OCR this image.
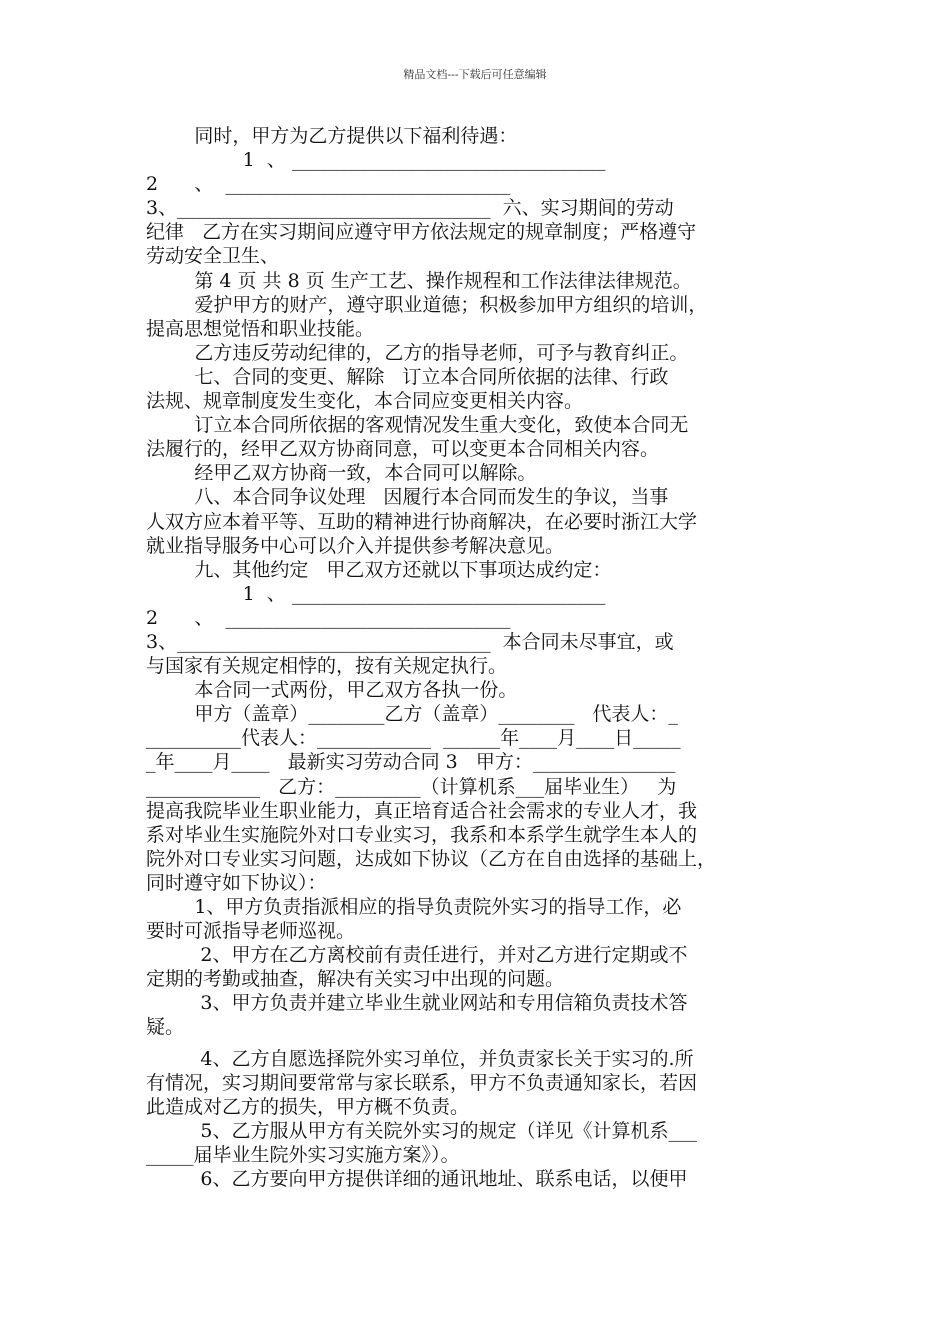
精品文档---下载后可任意编辑
同时，甲方为乙方提供以下福利待遇：
1  、 _________________________________
2      、  ______________________________
3、_________________________________  六、实习期间的劳动
纪律   乙方在实习期间应遵守甲方依法规定的规章制度；严格遵守
劳动安全卫生、
第 4 页 共 8 页 生产工艺、操作规程和工作法律法律规范。
爱护甲方的财产，遵守职业道德；积极参加甲方组织的培训，
提高思想觉悟和职业技能。
乙方违反劳动纪律的，乙方的指导老师，可予与教育纠正。
七、合同的变更、解除   订立本合同所依据的法律、行政
法规、规章制度发生变化，本合同应变更相关内容。
订立本合同所依据的客观情况发生重大变化，致使本合同无
法履行的，经甲乙双方协商同意，可以变更本合同相关内容。
经甲乙双方协商一致，本合同可以解除。
八、本合同争议处理   因履行本合同而发生的争议，当事
人双方应本着平等、互助的精神进行协商解决，在必要时浙江大学
就业指导服务中心可以介入并提供参考解决意见。
九、其他约定   甲乙双方还就以下事项达成约定：
1  、 _________________________________
2      、  ______________________________
3、_________________________________  本合同未尽事宜，或
与国家有关规定相悖的，按有关规定执行。
本合同一式两份，甲乙双方各执一份。
甲方（盖章）________乙方（盖章）________   代表人：_
__________代表人：____________  ______年____月____日_____
_年____月____   最新实习劳动合同 3   甲方：_______________
____________   乙方：_________（计算机系___届毕业生）   为
提高我院毕业生职业能力，真正培育适合社会需求的专业人才，我
系对毕业生实施院外对口专业实习，我系和本系学生就学生本人的
院外对口专业实习问题，达成如下协议（乙方在自由选择的基础上，
同时遵守如下协议）：
1、甲方负责指派相应的指导负责院外实习的指导工作，必
要时可派指导老师巡视。
2、甲方在乙方离校前有责任进行，并对乙方进行定期或不
定期的考勤或抽查，解决有关实习中出现的问题。
3、甲方负责并建立毕业生就业网站和专用信箱负责技术答
疑。
4、乙方自愿选择院外实习单位，并负责家长关于实习的.所
有情况，实习期间要常常与家长联系，甲方不负责通知家长，若因
此造成对乙方的损失，甲方概不负责。
5、乙方服从甲方有关院外实习的规定（详见《计算机系___
_____届毕业生院外实习实施方案》）。
6、乙方要向甲方提供详细的通讯地址、联系电话，以便甲
